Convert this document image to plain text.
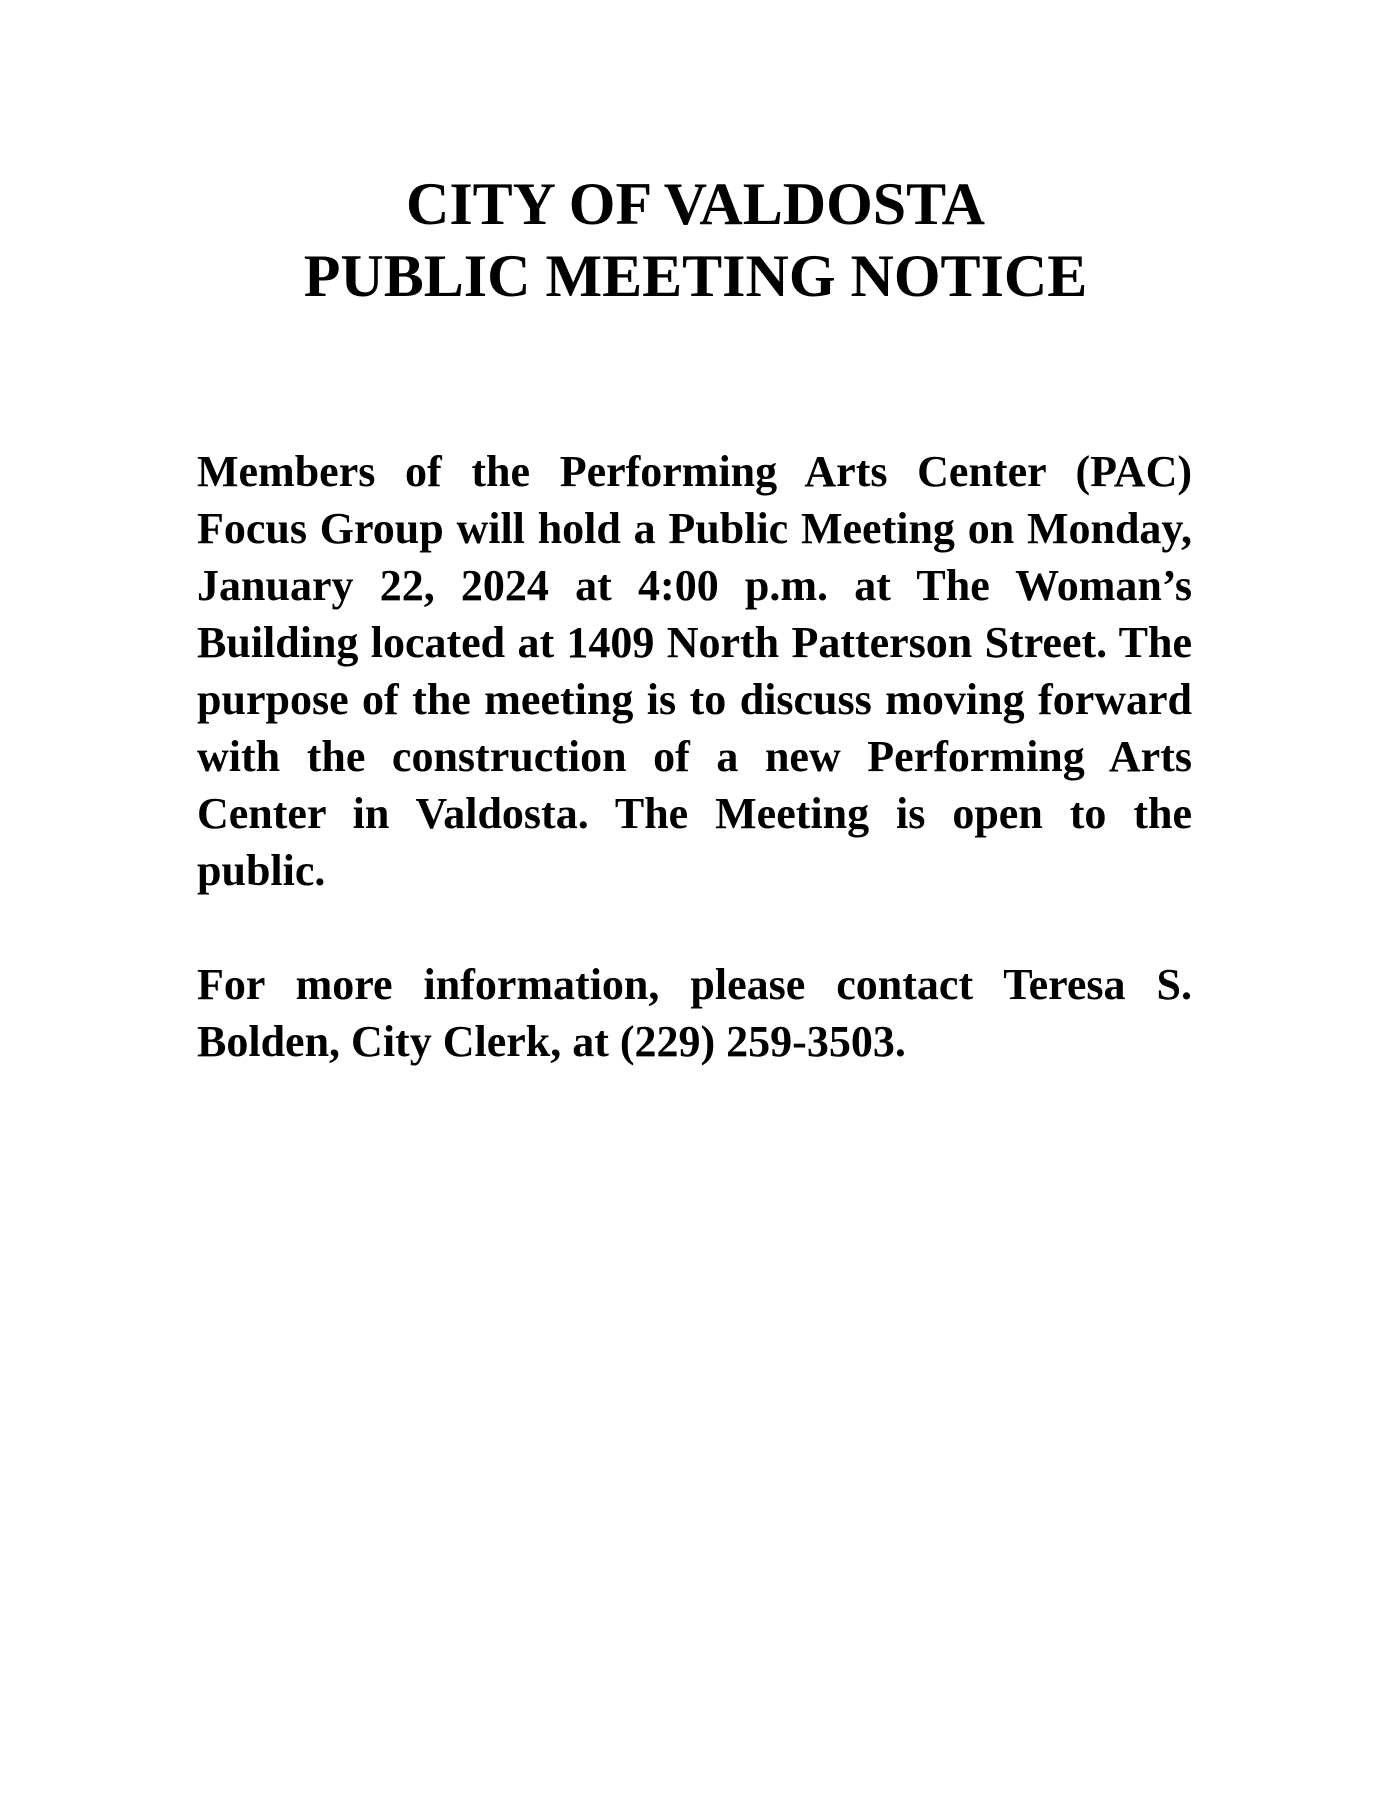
CITY OF VALDOSTA
PUBLIC MEETING NOTICE

Members of the Performing Arts Center (PAC) Focus Group will hold a Public Meeting on Monday, January 22, 2024 at 4:00 p.m. at The Woman’s Building located at 1409 North Patterson Street. The purpose of the meeting is to discuss moving forward with the construction of a new Performing Arts Center in Valdosta. The Meeting is open to the public.

For more information, please contact Teresa S. Bolden, City Clerk, at (229) 259-3503.
